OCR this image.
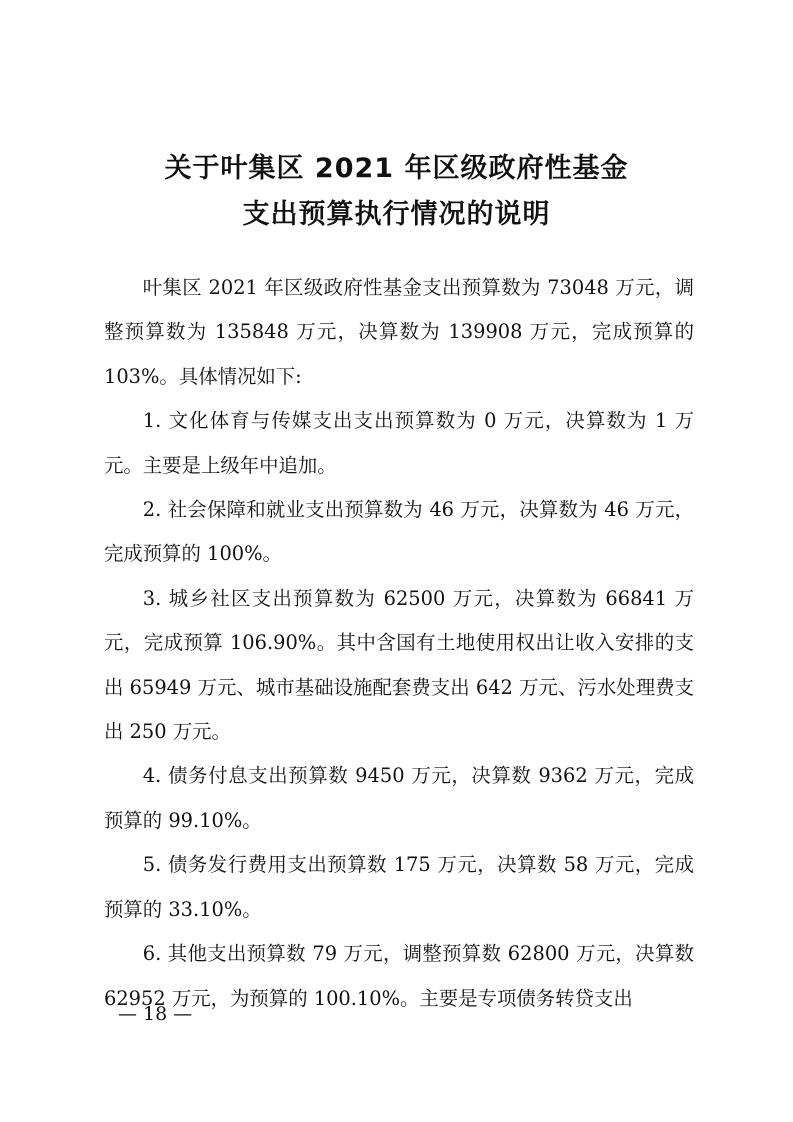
关于叶集区 2021 年区级政府性基金
支出预算执行情况的说明

叶集区 2021 年区级政府性基金支出预算数为 73048 万元，调整预算数为 135848 万元，决算数为 139908 万元，完成预算的 103%。具体情况如下:

1. 文化体育与传媒支出支出预算数为 0 万元，决算数为 1 万元。主要是上级年中追加。

2. 社会保障和就业支出预算数为 46 万元，决算数为 46 万元，完成预算的 100%。

3. 城乡社区支出预算数为 62500 万元，决算数为 66841 万元，完成预算 106.90%。其中含国有土地使用权出让收入安排的支出 65949 万元、城市基础设施配套费支出 642 万元、污水处理费支出 250 万元。

4. 债务付息支出预算数 9450 万元，决算数 9362 万元，完成预算的 99.10%。

5. 债务发行费用支出预算数 175 万元，决算数 58 万元，完成预算的 33.10%。

6. 其他支出预算数 79 万元，调整预算数 62800 万元，决算数 62952 万元，为预算的 100.10%。主要是专项债务转贷支出

— 18 —
